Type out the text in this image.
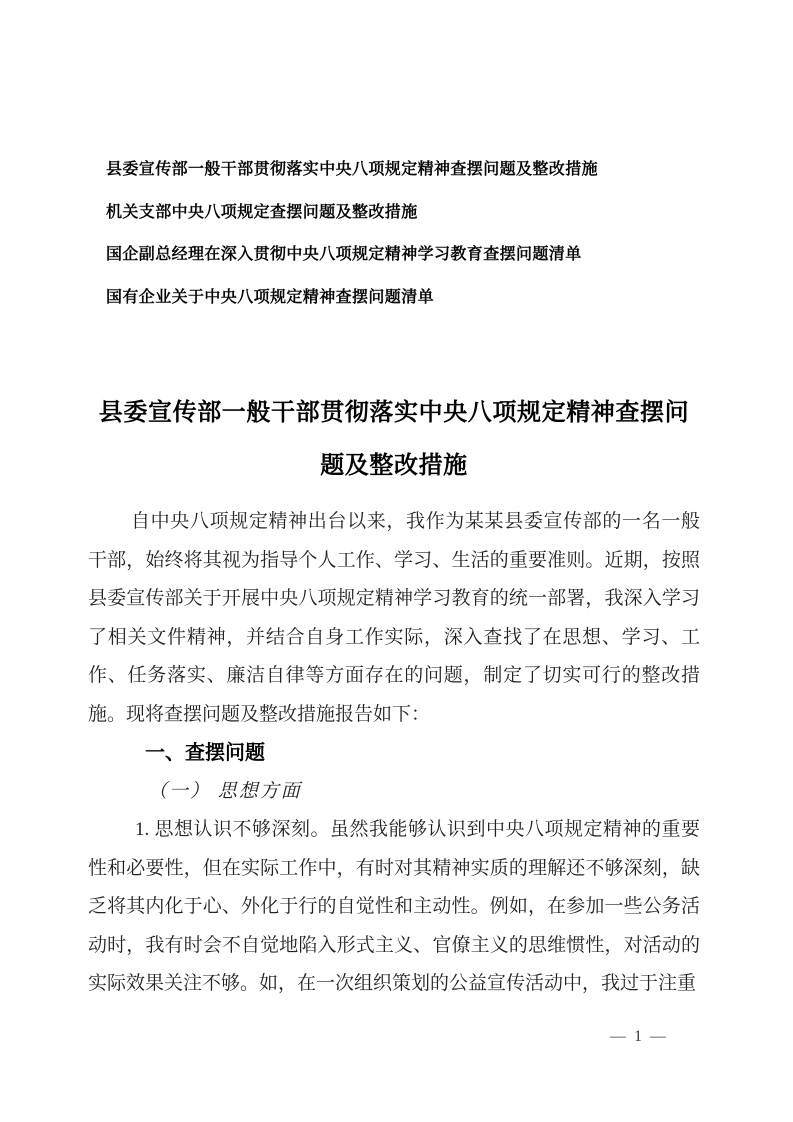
县委宣传部一般干部贯彻落实中央八项规定精神查摆问题及整改措施
机关支部中央八项规定查摆问题及整改措施
国企副总经理在深入贯彻中央八项规定精神学习教育查摆问题清单
国有企业关于中央八项规定精神查摆问题清单
县委宣传部一般干部贯彻落实中央八项规定精神查摆问题及整改措施

自中央八项规定精神出台以来，我作为某某县委宣传部的一名一般干部，始终将其视为指导个人工作、学习、生活的重要准则。近期，按照县委宣传部关于开展中央八项规定精神学习教育的统一部署，我深入学习了相关文件精神，并结合自身工作实际，深入查找了在思想、学习、工作、任务落实、廉洁自律等方面存在的问题，制定了切实可行的整改措施。现将查摆问题及整改措施报告如下：

一、查摆问题

（一） 思想方面

1. 思想认识不够深刻。虽然我能够认识到中央八项规定精神的重要性和必要性，但在实际工作中，有时对其精神实质的理解还不够深刻，缺乏将其内化于心、外化于行的自觉性和主动性。例如，在参加一些公务活动时，我有时会不自觉地陷入形式主义、官僚主义的思维惯性，对活动的实际效果关注不够。如，在一次组织策划的公益宣传活动中，我过于注重

— 1 —
